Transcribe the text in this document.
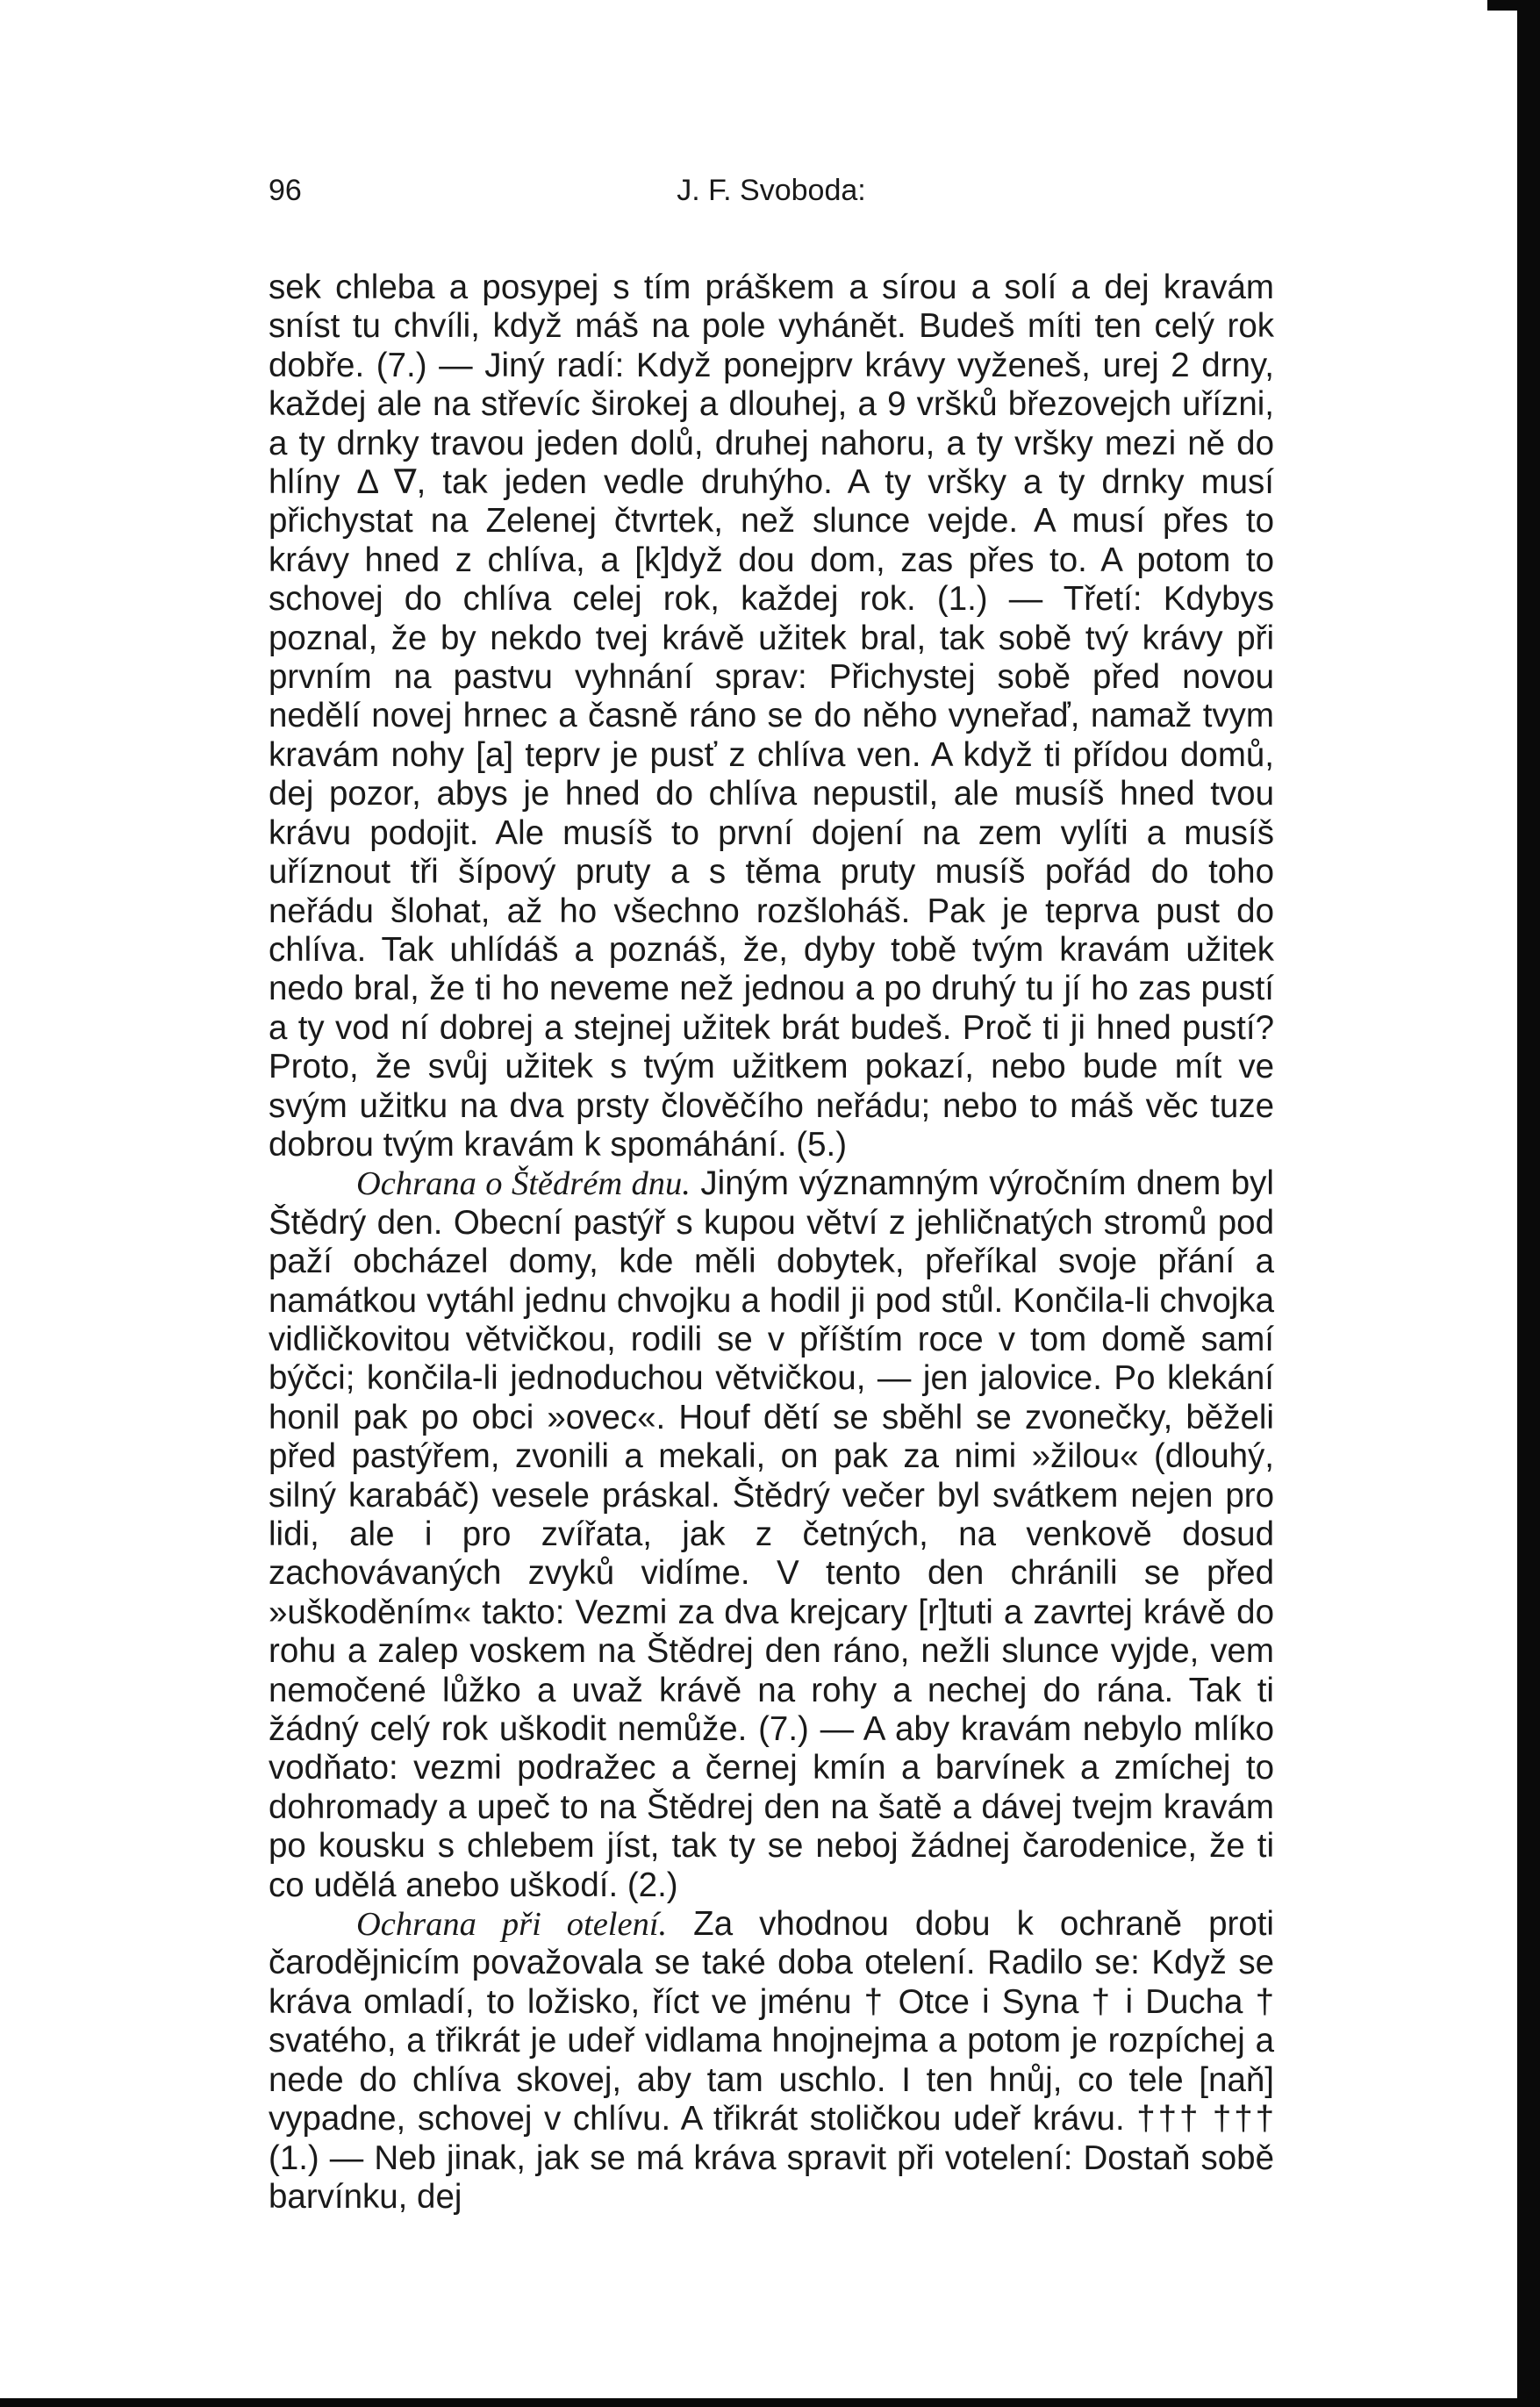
96	J. F. Svoboda:

sek chleba a posypej s tím práškem a sírou a solí a dej kravám sníst tu chvíli, když máš na pole vyhánět. Budeš míti ten celý rok dobře. (7.) — Jiný radí: Když ponejprv krávy vyženeš, urej 2 drny, každej ale na střevíc širokej a dlouhej, a 9 vršků březovejch uřízni, a ty drnky travou jeden dolů, druhej nahoru, a ty vršky mezi ně do hlíny Δ ∇, tak jeden vedle druhýho. A ty vršky a ty drnky musí přichystat na Zelenej čtvrtek, než slunce vejde. A musí přes to krávy hned z chlíva, a [k]dyž dou dom, zas přes to. A potom to schovej do chlíva celej rok, každej rok. (1.) — Třetí: Kdybys poznal, že by nekdo tvej krávě užitek bral, tak sobě tvý krávy při prvním na pastvu vyhnání sprav: Přichystej sobě před novou nedělí novej hrnec a časně ráno se do něho vyneřaď, namaž tvym kravám nohy [a] teprv je pusť z chlíva ven. A když ti přídou domů, dej pozor, abys je hned do chlíva nepustil, ale musíš hned tvou krávu podojit. Ale musíš to první dojení na zem vylíti a musíš uříznout tři šípový pruty a s těma pruty musíš pořád do toho neřádu šlohat, až ho všechno rozšloháš. Pak je teprva pust do chlíva. Tak uhlídáš a poznáš, že, dyby tobě tvým kravám užitek nedo bral, že ti ho neveme než jednou a po druhý tu jí ho zas pustí a ty vod ní dobrej a stejnej užitek brát budeš. Proč ti ji hned pustí? Proto, že svůj užitek s tvým užitkem pokazí, nebo bude mít ve svým užitku na dva prsty člověčího neřádu; nebo to máš věc tuze dobrou tvým kravám k spomáhání. (5.)

Ochrana o Štědrém dnu. Jiným významným výročním dnem byl Štědrý den. Obecní pastýř s kupou větví z jehličnatých stromů pod paží obcházel domy, kde měli dobytek, přeříkal svoje přání a namátkou vytáhl jednu chvojku a hodil ji pod stůl. Končila-li chvojka vidličkovitou větvičkou, rodili se v příštím roce v tom domě samí býčci; končila-li jednoduchou větvičkou, — jen jalovice. Po klekání honil pak po obci »ovec«. Houf dětí se sběhl se zvonečky, běželi před pastýřem, zvonili a mekali, on pak za nimi »žilou« (dlouhý, silný karabáč) vesele práskal. Štědrý večer byl svátkem nejen pro lidi, ale i pro zvířata, jak z četných, na venkově dosud zachovávaných zvyků vidíme. V tento den chránili se před »uškoděním« takto: Vezmi za dva krejcary [r]tuti a zavrtej krávě do rohu a zalep voskem na Štědrej den ráno, nežli slunce vyjde, vem nemočené lůžko a uvaž krávě na rohy a nechej do rána. Tak ti žádný celý rok uškodit nemůže. (7.) — A aby kravám nebylo mlíko vodňato: vezmi podražec a černej kmín a barvínek a zmíchej to dohromady a upeč to na Štědrej den na šatě a dávej tvejm kravám po kousku s chlebem jíst, tak ty se neboj žádnej čarodenice, že ti co udělá anebo uškodí. (2.)

Ochrana při otelení. Za vhodnou dobu k ochraně proti čarodějnicím považovala se také doba otelení. Radilo se: Když se kráva omladí, to ložisko, říct ve jménu † Otce i Syna † i Ducha † svatého, a třikrát je udeř vidlama hnojnejma a potom je rozpíchej a nede do chlíva skovej, aby tam uschlo. I ten hnůj, co tele [naň] vypadne, schovej v chlívu. A třikrát stoličkou udeř krávu. ††† ††† (1.) — Neb jinak, jak se má kráva spravit při votelení: Dostaň sobě barvínku, dej
